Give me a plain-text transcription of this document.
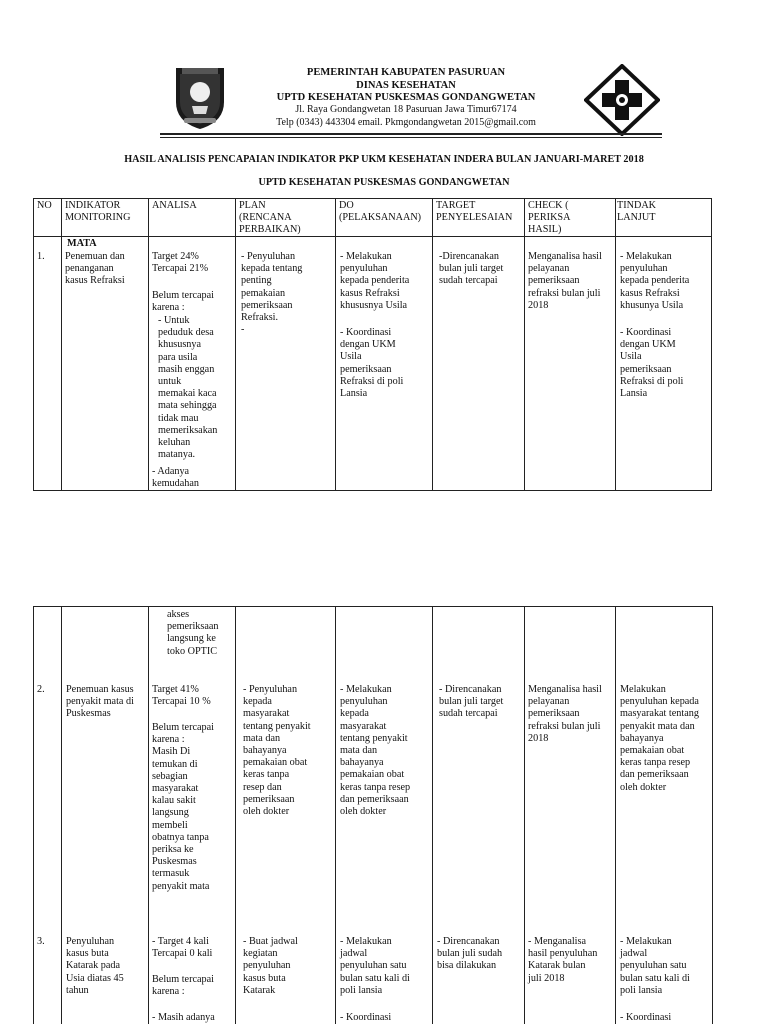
PEMERINTAH KABUPATEN PASURUAN
DINAS KESEHATAN
UPTD KESEHATAN PUSKESMAS GONDANGWETAN
Jl. Raya Gondangwetan 18 Pasuruan Jawa Timur67174
Telp (0343) 443304 email. Pkmgondangwetan 2015@gmail.com
HASIL ANALISIS PENCAPAIAN INDIKATOR PKP UKM KESEHATAN INDERA BULAN JANUARI-MARET 2018
UPTD KESEHATAN PUSKESMAS GONDANGWETAN
NO INDIKATOR
MONITORING
ANALISA	PLAN
(RENCANA
PERBAIKAN)
DO
(PELAKSANAAN)
TARGET
PENYELESAIAN
CHECK (
PERIKSA
HASIL)
TINDAK
LANJUT
MATA
1. Penemuan dan
penanganan
kasus Refraksi
Target 24%
Tercapai 21%
Belum tercapai
karena :
- Untuk
peduduk desa
khususnya
para usila
masih enggan
untuk
memakai kaca
mata sehingga
tidak mau
memeriksakan
keluhan
matanya.
- Adanya
kemudahan
- Penyuluhan
kepada tentang
penting
pemakaian
pemeriksaan
Refraksi.
-
- Melakukan
penyuluhan
kepada penderita
kasus Refraksi
khususnya Usila
- Koordinasi
dengan UKM
Usila
pemeriksaan
Refraksi di poli
Lansia
-Direncanakan
bulan juli target
sudah tercapai
Menganalisa hasil
pelayanan
pemeriksaan
refraksi bulan juli
2018
- Melakukan
penyuluhan
kepada penderita
kasus Refraksi
khusunya Usila
- Koordinasi
dengan UKM
Usila
pemeriksaan
Refraksi di poli
Lansia
akses
pemeriksaan
langsung ke
toko OPTIC
2. Penemuan kasus
penyakit mata di
Puskesmas
Target 41%
Tercapai 10 %
Belum tercapai
karena :
Masih Di
temukan di
sebagian
masyarakat
kalau sakit
langsung
membeli
obatnya tanpa
periksa ke
Puskesmas
termasuk
penyakit mata
- Penyuluhan
kepada
masyarakat
tentang penyakit
mata dan
bahayanya
pemakaian obat
keras tanpa
resep dan
pemeriksaan
oleh dokter
- Melakukan
penyuluhan
kepada
masyarakat
tentang penyakit
mata dan
bahayanya
pemakaian obat
keras tanpa resep
dan pemeriksaan
oleh dokter
- Direncanakan
bulan juli target
sudah tercapai
Menganalisa hasil
pelayanan
pemeriksaan
refraksi bulan juli
2018
Melakukan
penyuluhan kepada
masyarakat tentang
penyakit mata dan
bahayanya
pemakaian obat
keras tanpa resep
dan pemeriksaan
oleh dokter
3. Penyuluhan
kasus buta
Katarak pada
Usia diatas 45
tahun
- Target 4 kali
Tercapai 0 kali
Belum tercapai
karena :
- Masih adanya
- Buat jadwal
kegiatan
penyuluhan
kasus buta
Katarak
- Melakukan
jadwal
penyuluhan satu
bulan satu kali di
poli lansia
- Koordinasi
- Direncanakan
bulan juli sudah
bisa dilakukan
- Menganalisa
hasil penyuluhan
Katarak bulan
juli 2018
- Melakukan
jadwal
penyuluhan satu
bulan satu kali di
poli lansia
- Koordinasi
